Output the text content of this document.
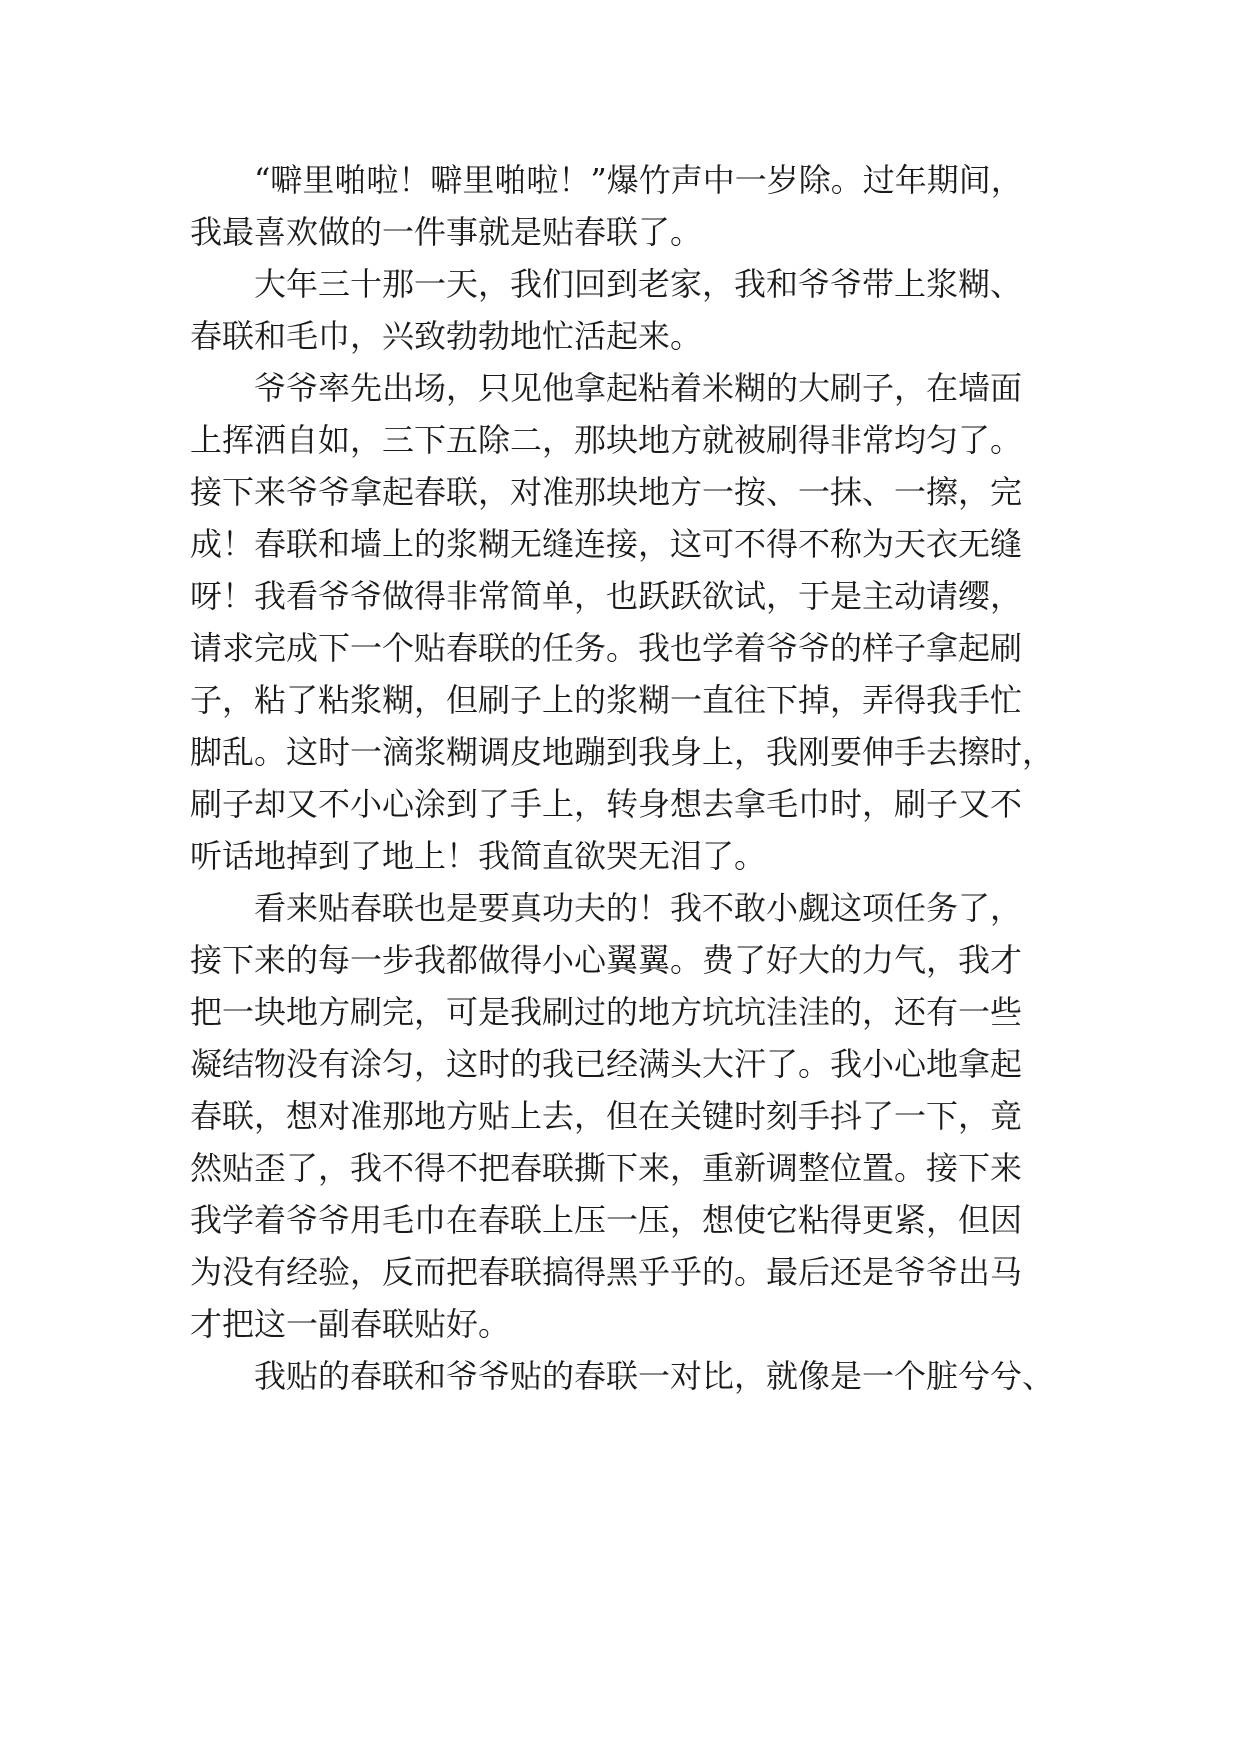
“噼里啪啦！噼里啪啦！”爆竹声中一岁除。过年期间，
我最喜欢做的一件事就是贴春联了。
大年三十那一天，我们回到老家，我和爷爷带上浆糊、
春联和毛巾，兴致勃勃地忙活起来。
爷爷率先出场，只见他拿起粘着米糊的大刷子，在墙面
上挥洒自如，三下五除二，那块地方就被刷得非常均匀了。
接下来爷爷拿起春联，对准那块地方一按、一抹、一擦，完
成！春联和墙上的浆糊无缝连接，这可不得不称为天衣无缝
呀！我看爷爷做得非常简单，也跃跃欲试，于是主动请缨，
请求完成下一个贴春联的任务。我也学着爷爷的样子拿起刷
子，粘了粘浆糊，但刷子上的浆糊一直往下掉，弄得我手忙
脚乱。这时一滴浆糊调皮地蹦到我身上，我刚要伸手去擦时，
刷子却又不小心涂到了手上，转身想去拿毛巾时，刷子又不
听话地掉到了地上！我简直欲哭无泪了。
看来贴春联也是要真功夫的！我不敢小觑这项任务了，
接下来的每一步我都做得小心翼翼。费了好大的力气，我才
把一块地方刷完，可是我刷过的地方坑坑洼洼的，还有一些
凝结物没有涂匀，这时的我已经满头大汗了。我小心地拿起
春联，想对准那地方贴上去，但在关键时刻手抖了一下，竟
然贴歪了，我不得不把春联撕下来，重新调整位置。接下来
我学着爷爷用毛巾在春联上压一压，想使它粘得更紧，但因
为没有经验，反而把春联搞得黑乎乎的。最后还是爷爷出马
才把这一副春联贴好。
我贴的春联和爷爷贴的春联一对比，就像是一个脏兮兮、
